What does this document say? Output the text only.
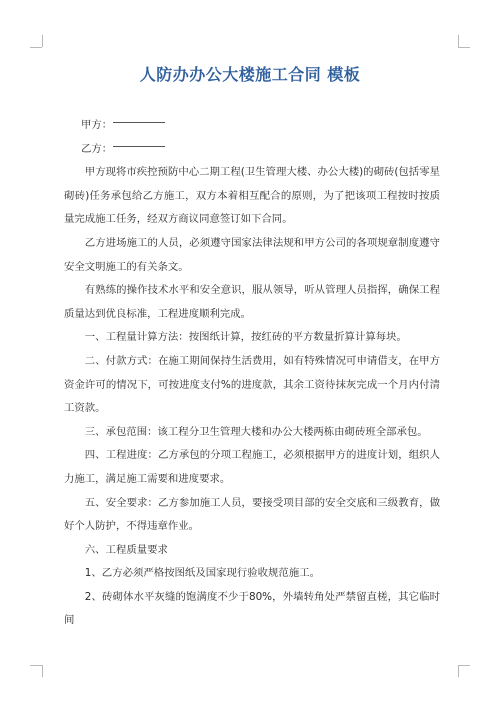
人防办办公大楼施工合同 模板

甲方：

乙方：

甲方现将市疾控预防中心二期工程(卫生管理大楼、办公大楼)的砌砖(包括零星砌砖)任务承包给乙方施工，双方本着相互配合的原则，为了把该项工程按时按质量完成施工任务，经双方商议同意签订如下合同。

乙方进场施工的人员，必须遵守国家法律法规和甲方公司的各项规章制度遵守安全文明施工的有关条文。

有熟练的操作技术水平和安全意识，服从领导，听从管理人员指挥，确保工程质量达到优良标准，工程进度顺利完成。

一、工程量计算方法：按图纸计算，按红砖的平方数量折算计算每块。

二、付款方式：在施工期间保持生活费用，如有特殊情况可申请借支，在甲方资金许可的情况下，可按进度支付%的进度款，其余工资待抹灰完成一个月内付清工资款。

三、承包范围：该工程分卫生管理大楼和办公大楼两栋由砌砖班全部承包。

四、工程进度：乙方承包的分项工程施工，必须根据甲方的进度计划，组织人力施工，满足施工需要和进度要求。

五、安全要求：乙方参加施工人员，要接受项目部的安全交底和三级教育，做好个人防护，不得违章作业。

六、工程质量要求

1、乙方必须严格按图纸及国家现行验收规范施工。

2、砖砌体水平灰缝的饱满度不少于80%，外墙转角处严禁留直槎，其它临时间
